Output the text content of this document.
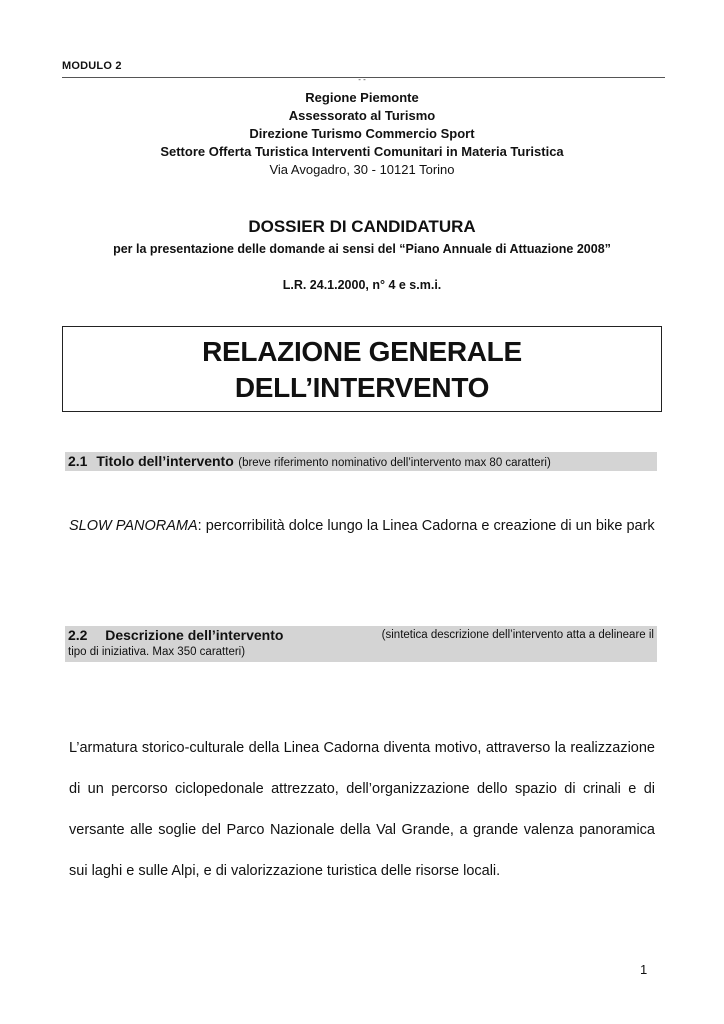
MODULO 2
- -
Regione Piemonte
Assessorato al Turismo
Direzione Turismo Commercio Sport
Settore Offerta Turistica Interventi Comunitari in Materia Turistica
Via Avogadro, 30 - 10121 Torino
DOSSIER DI CANDIDATURA
per la presentazione delle domande ai sensi del “Piano Annuale di Attuazione 2008”
L.R. 24.1.2000, n° 4 e s.m.i.
RELAZIONE GENERALE
DELL’INTERVENTO
2.1 Titolo dell’intervento (breve riferimento nominativo dell’intervento max 80 caratteri)
SLOW PANORAMA: percorribilità dolce lungo la Linea Cadorna e creazione di un bike park
2.2 Descrizione dell’intervento	(sintetica descrizione dell’intervento atta a delineare il
tipo di iniziativa. Max 350 caratteri)
L’armatura storico-culturale della Linea Cadorna diventa motivo, attraverso la realizzazione di un percorso ciclopedonale attrezzato, dell’organizzazione dello spazio di crinali e di versante alle soglie del Parco Nazionale della Val Grande, a grande valenza panoramica sui laghi e sulle Alpi, e di valorizzazione turistica delle risorse locali.
1
